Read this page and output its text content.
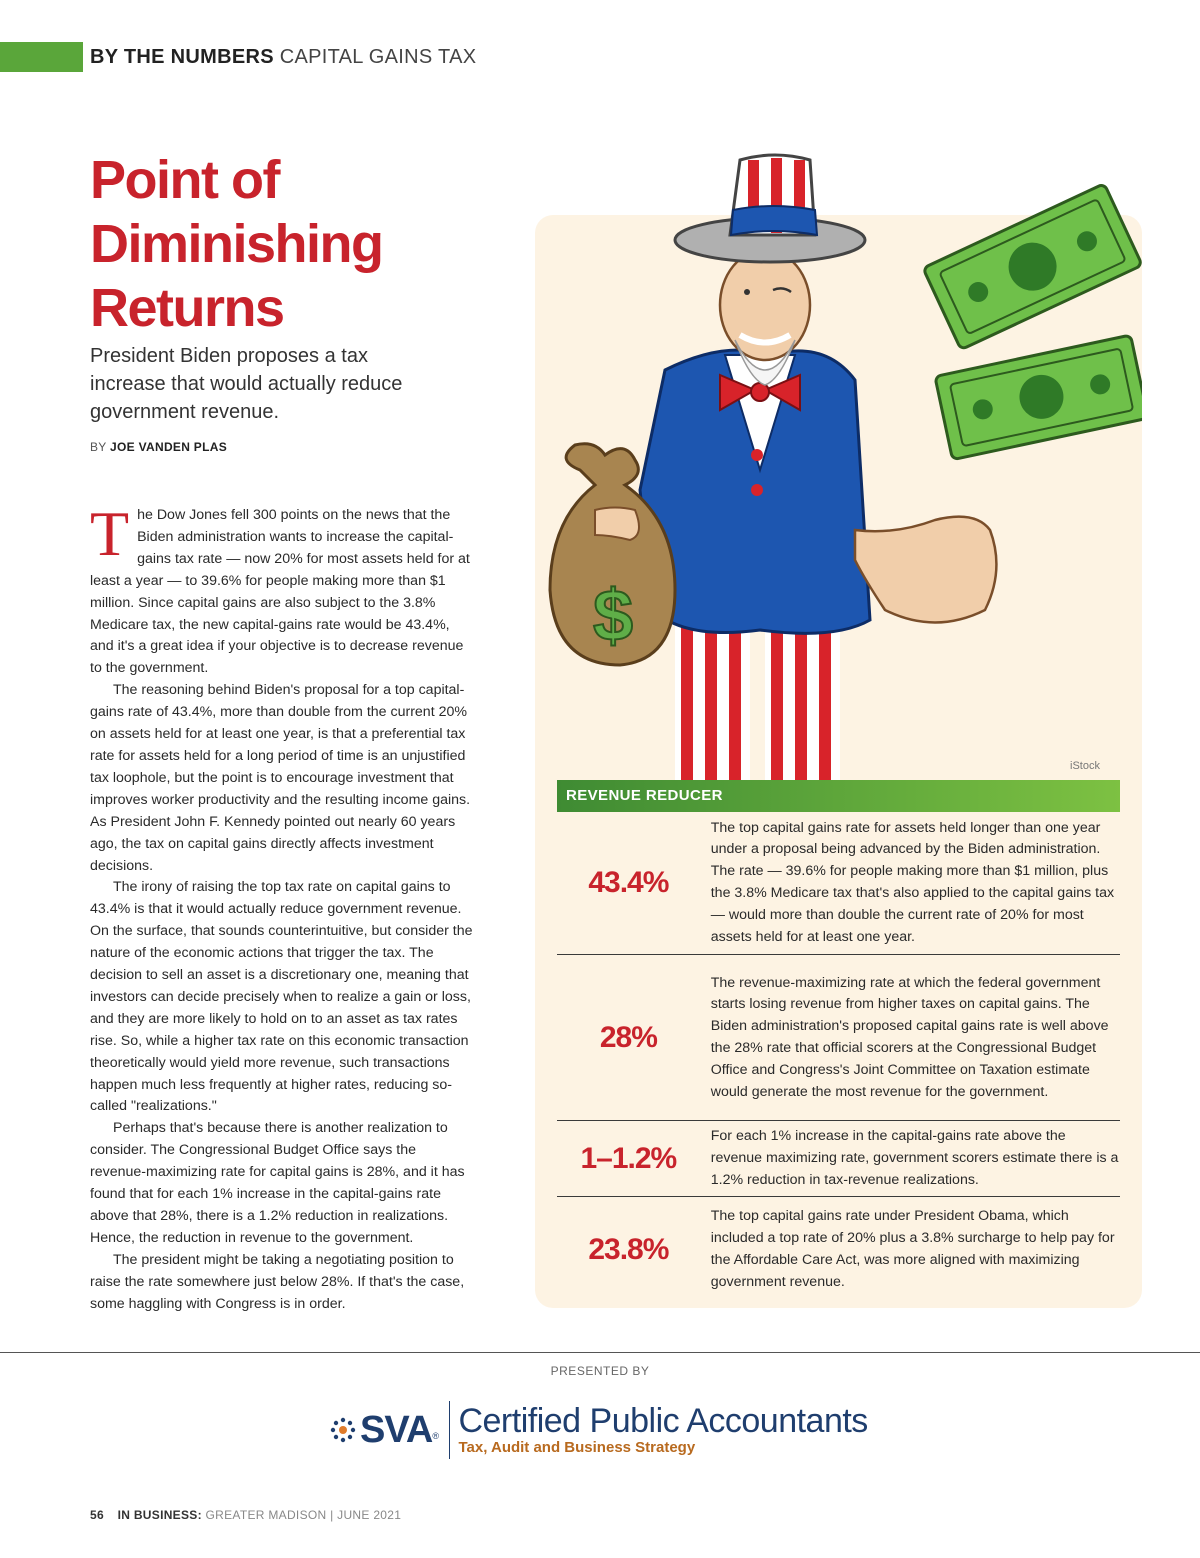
BY THE NUMBERS CAPITAL GAINS TAX
Point of Diminishing Returns
President Biden proposes a tax increase that would actually reduce government revenue.
BY JOE VANDEN PLAS

The Dow Jones fell 300 points on the news that the Biden administration wants to increase the capital-gains tax rate — now 20% for most assets held for at least a year — to 39.6% for people making more than $1 million. Since capital gains are also subject to the 3.8% Medicare tax, the new capital-gains rate would be 43.4%, and it's a great idea if your objective is to decrease revenue to the government.

The reasoning behind Biden's proposal for a top capital-gains rate of 43.4%, more than double from the current 20% on assets held for at least one year, is that a preferential tax rate for assets held for a long period of time is an unjustified tax loophole, but the point is to encourage investment that improves worker productivity and the resulting income gains. As President John F. Kennedy pointed out nearly 60 years ago, the tax on capital gains directly affects investment decisions.

The irony of raising the top tax rate on capital gains to 43.4% is that it would actually reduce government revenue. On the surface, that sounds counterintuitive, but consider the nature of the economic actions that trigger the tax. The decision to sell an asset is a discretionary one, meaning that investors can decide precisely when to realize a gain or loss, and they are more likely to hold on to an asset as tax rates rise. So, while a higher tax rate on this economic transaction theoretically would yield more revenue, such transactions happen much less frequently at higher rates, reducing so-called "realizations."

Perhaps that's because there is another realization to consider. The Congressional Budget Office says the revenue-maximizing rate for capital gains is 28%, and it has found that for each 1% increase in the capital-gains rate above that 28%, there is a 1.2% reduction in realizations. Hence, the reduction in revenue to the government.

The president might be taking a negotiating position to raise the rate somewhere just below 28%. If that's the case, some haggling with Congress is in order.

$
iStock
REVENUE REDUCER
43.4%
The top capital gains rate for assets held longer than one year under a proposal being advanced by the Biden administration. The rate — 39.6% for people making more than $1 million, plus the 3.8% Medicare tax that's also applied to the capital gains tax — would more than double the current rate of 20% for most assets held for at least one year.
28%
The revenue-maximizing rate at which the federal government starts losing revenue from higher taxes on capital gains. The Biden administration's proposed capital gains rate is well above the 28% rate that official scorers at the Congressional Budget Office and Congress's Joint Committee on Taxation estimate would generate the most revenue for the government.
1–1.2%
For each 1% increase in the capital-gains rate above the revenue maximizing rate, government scorers estimate there is a 1.2% reduction in tax-revenue realizations.
23.8%
The top capital gains rate under President Obama, which included a top rate of 20% plus a 3.8% surcharge to help pay for the Affordable Care Act, was more aligned with maximizing government revenue.
PRESENTED BY
SVA ® Certified Public Accountants
Tax, Audit and Business Strategy
56 IN BUSINESS: GREATER MADISON | JUNE 2021
